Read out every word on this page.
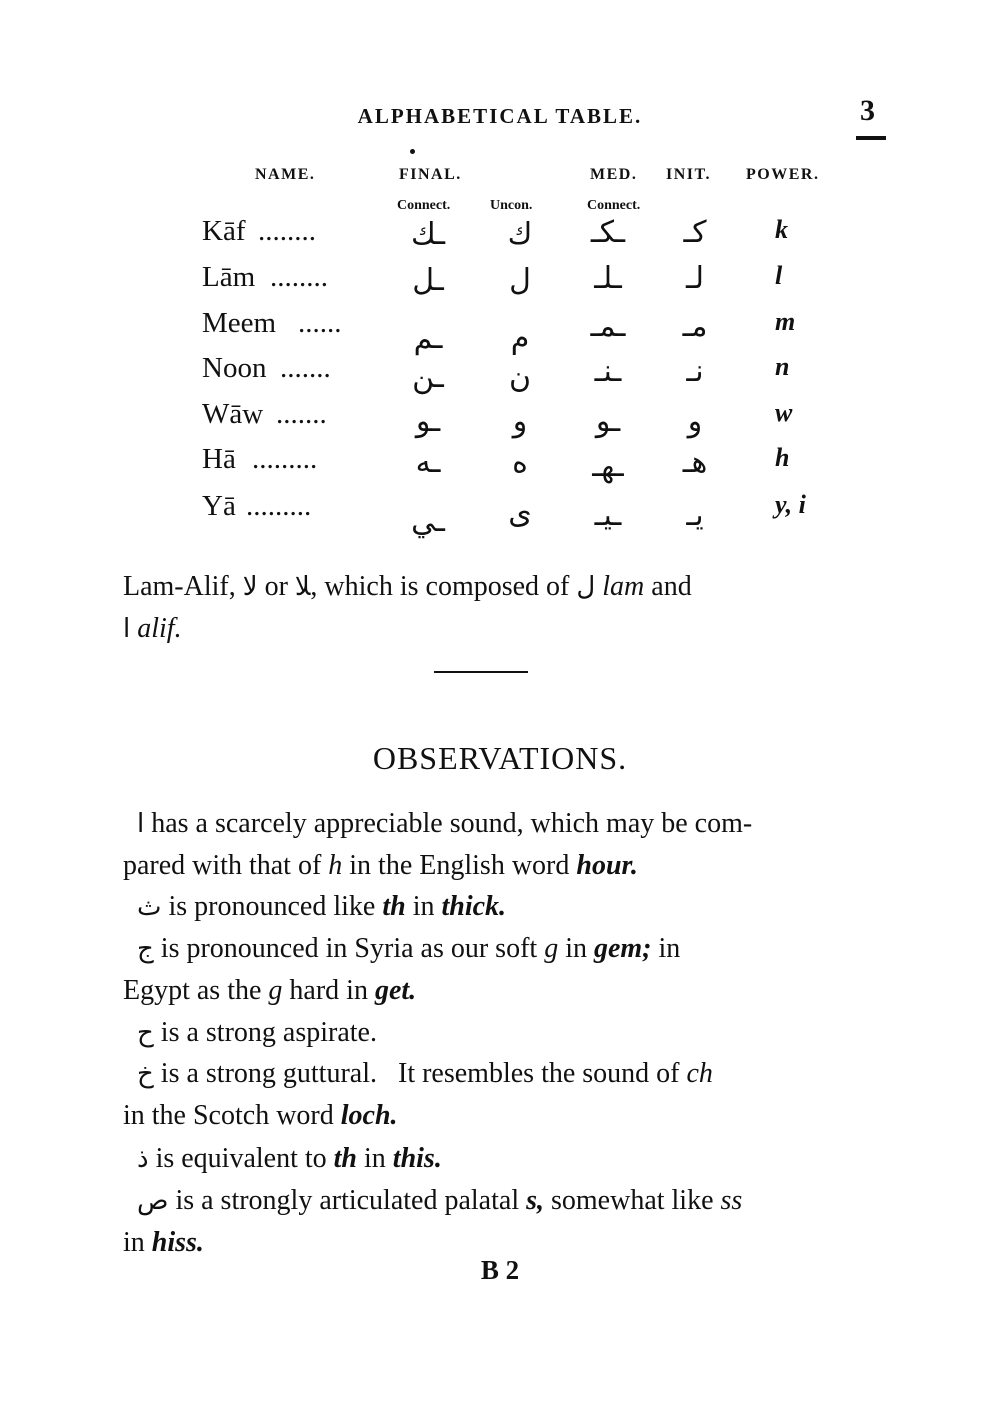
ALPHABETICAL TABLE.	3
NAME.	FINAL.	MED. INIT. POWER.
Connect.	Uncon.	Connect.
Kāf ........	ـك	ك	ـكـ	كـ	k
Lām ........	ـل	ل	ـلـ	لـ	l
Meem ......	ـم	م	ـمـ	مـ	m
Noon .......	ـن	ن	ـنـ	نـ	n
Wāw .......	ـو	و	ـو	و	w
Hā .........	ـه	ه	ـهـ	هـ	h
Yā .........	ـي	ى	ـيـ	يـ	y, i
Lam-Alif, لا or ﻼ, which is composed of ل lam and
ا alif.
OBSERVATIONS.
ا has a scarcely appreciable sound, which may be com-
pared with that of h in the English word hour.
ث is pronounced like th in thick.
ج is pronounced in Syria as our soft g in gem; in
Egypt as the g hard in get.
ح is a strong aspirate.
خ is a strong guttural. It resembles the sound of ch
in the Scotch word loch.
ذ is equivalent to th in this.
ص is a strongly articulated palatal s, somewhat like ss
in hiss.
B 2
